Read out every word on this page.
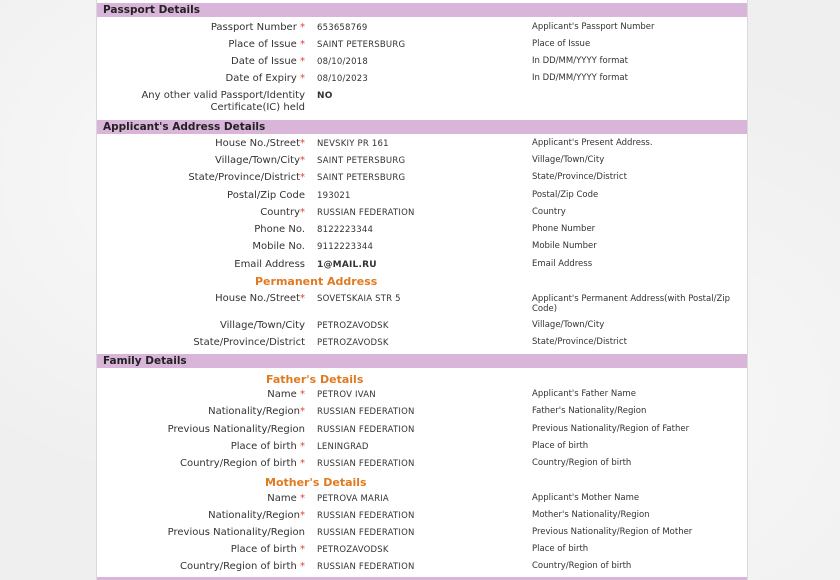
Passport Details
Passport Number * 653658769	Applicant's Passport Number
Place of Issue * SAINT PETERSBURG	Place of Issue
Date of Issue * 08/10/2018	In DD/MM/YYYY format
Date of Expiry * 08/10/2023	In DD/MM/YYYY format
Any other valid Passport/Identity Certificate(IC) held
NO
Applicant's Address Details
House No./Street* NEVSKIY PR 161	Applicant's Present Address.
Village/Town/City* SAINT PETERSBURG	Village/Town/City
State/Province/District* SAINT PETERSBURG	State/Province/District
Postal/Zip Code 193021	Postal/Zip Code
Country* RUSSIAN FEDERATION	Country
Phone No. 8122223344	Phone Number
Mobile No. 9112223344	Mobile Number
Email Address 1@MAIL.RU	Email Address
Permanent Address
House No./Street* SOVETSKAIA STR 5	Applicant's Permanent Address(with Postal/Zip Code)
Village/Town/City PETROZAVODSK	Village/Town/City
State/Province/District PETROZAVODSK	State/Province/District
Family Details
Father's Details
Name * PETROV IVAN	Applicant's Father Name
Nationality/Region* RUSSIAN FEDERATION	Father's Nationality/Region
Previous Nationality/Region RUSSIAN FEDERATION	Previous Nationality/Region of Father
Place of birth * LENINGRAD	Place of birth
Country/Region of birth * RUSSIAN FEDERATION	Country/Region of birth
Mother's Details
Name * PETROVA MARIA	Applicant's Mother Name
Nationality/Region* RUSSIAN FEDERATION	Mother's Nationality/Region
Previous Nationality/Region RUSSIAN FEDERATION	Previous Nationality/Region of Mother
Place of birth * PETROZAVODSK	Place of birth
Country/Region of birth * RUSSIAN FEDERATION	Country/Region of birth
